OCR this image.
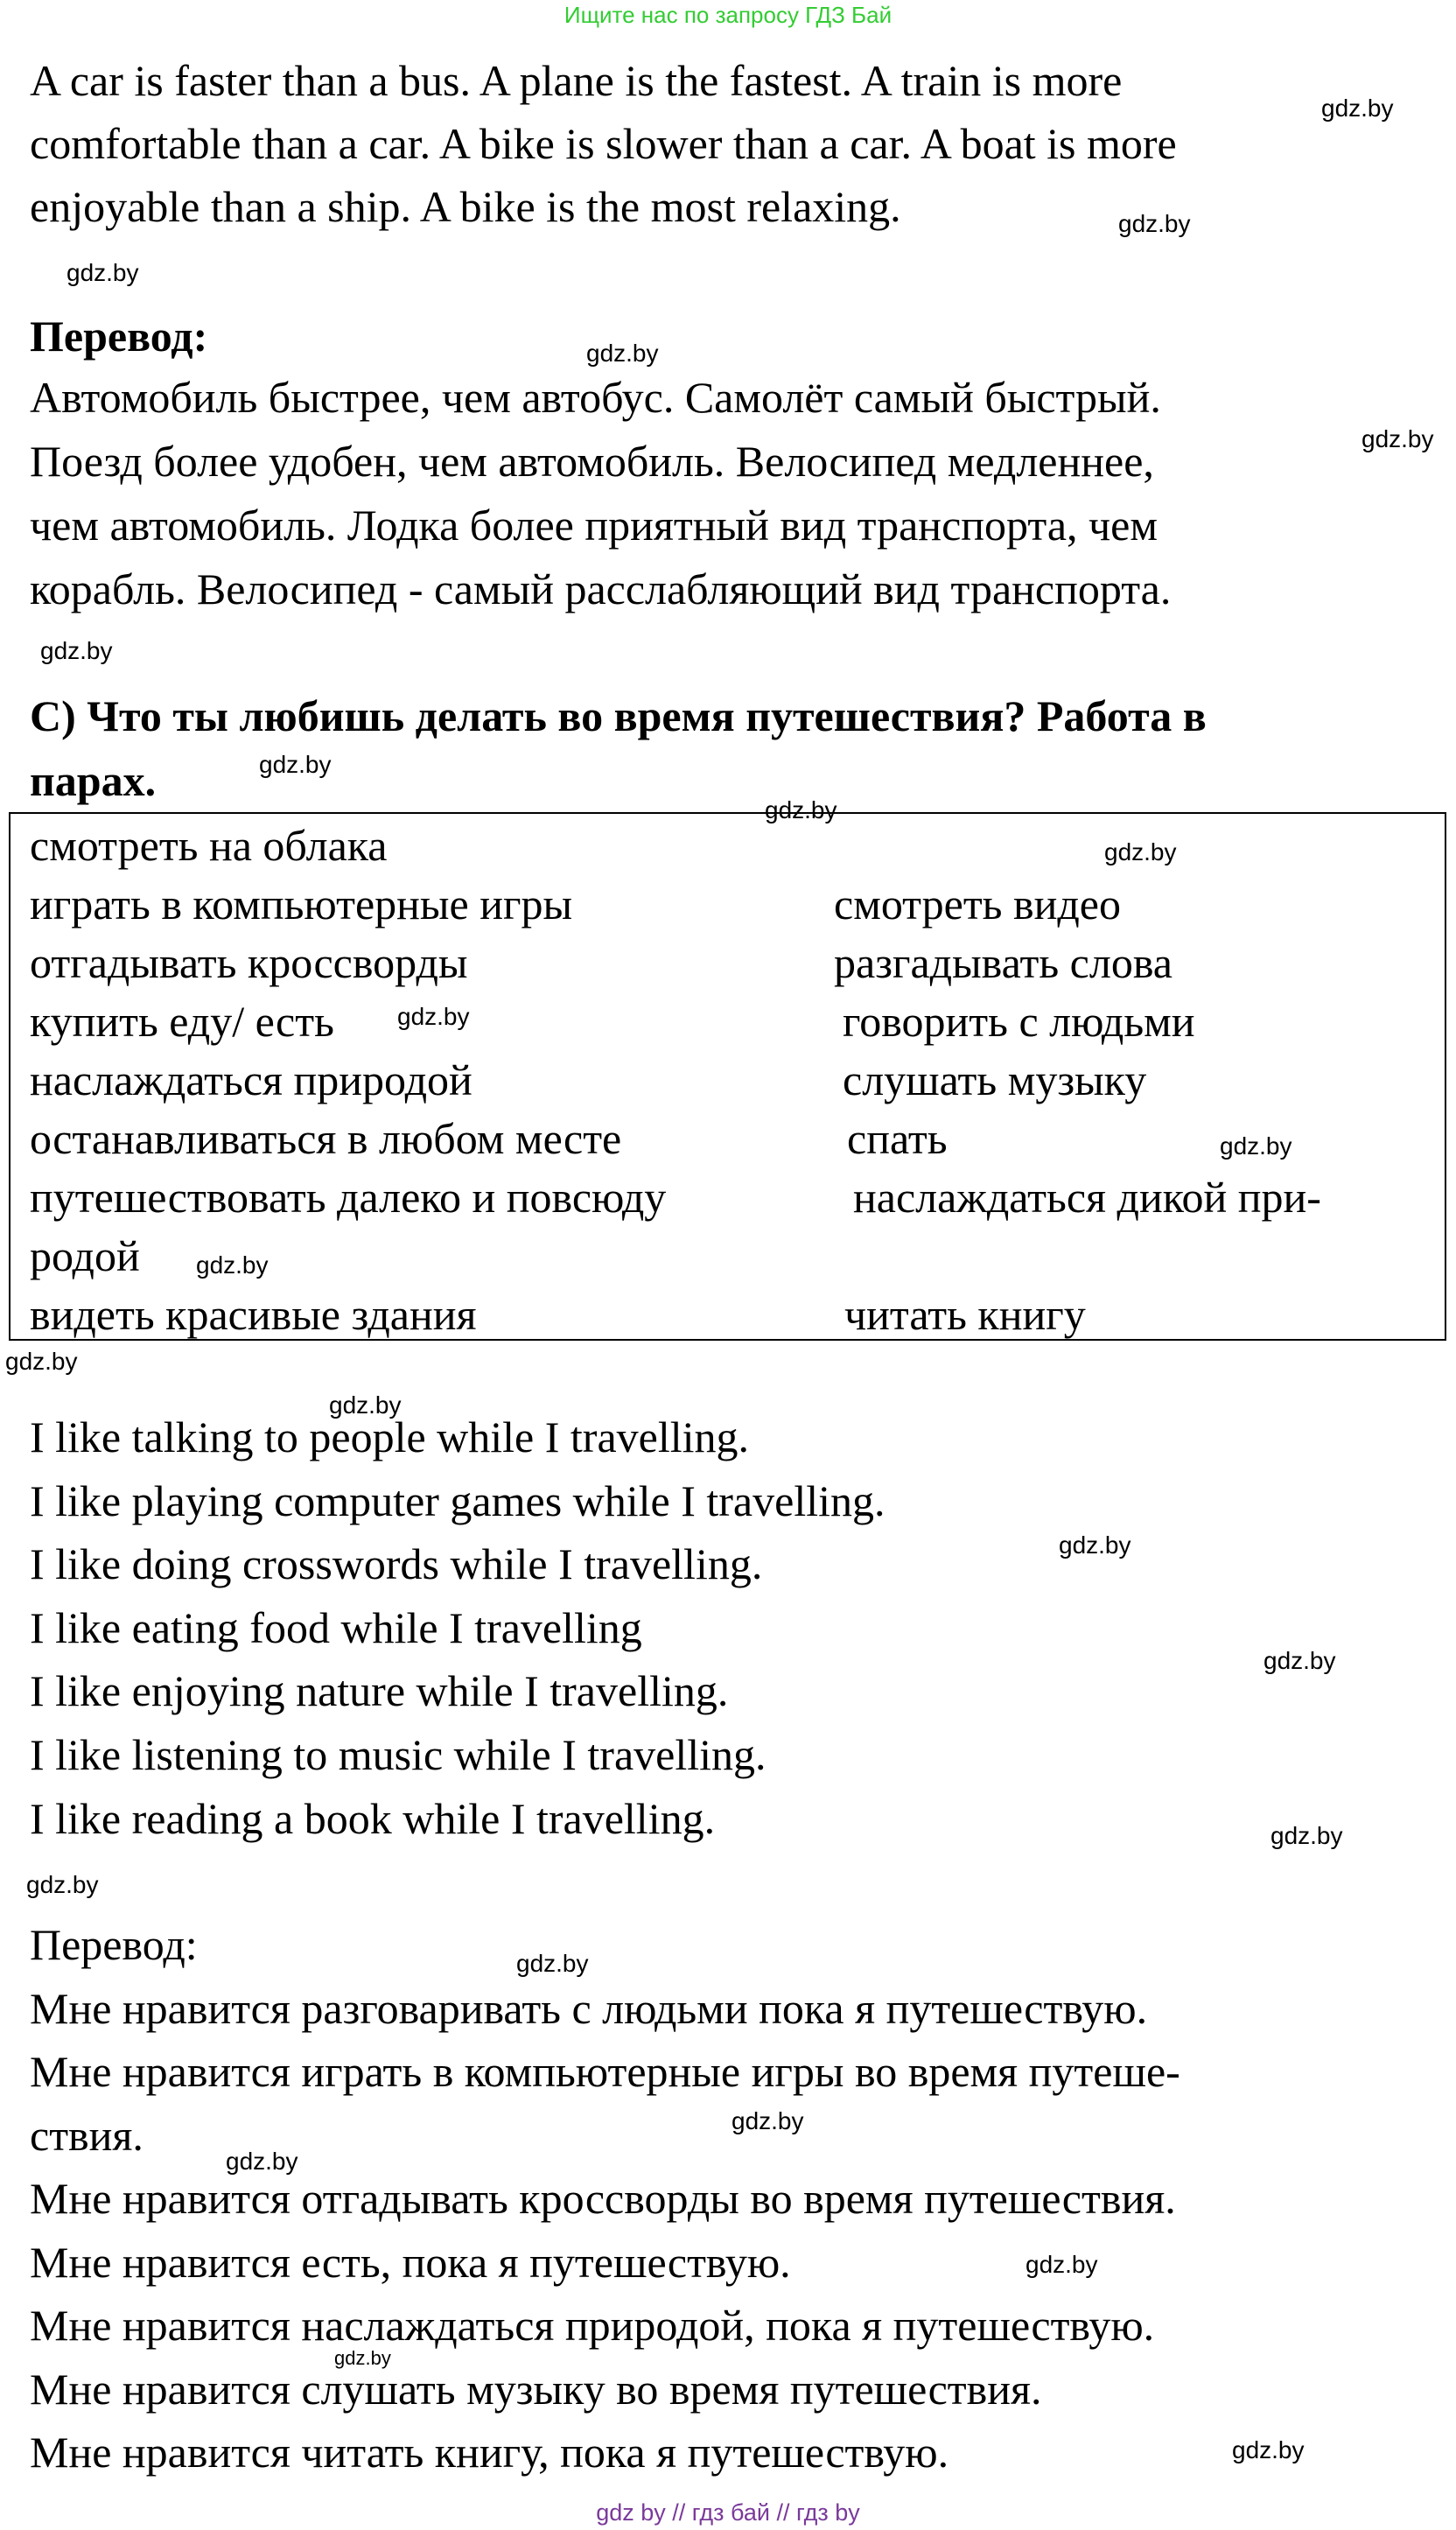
Ищите нас по запросу ГДЗ Бай
A car is faster than a bus. A plane is the fastest. A train is more
comfortable than a car. A bike is slower than a car. A boat is more
enjoyable than a ship. A bike is the most relaxing.
Перевод:
Автомобиль быстрее, чем автобус. Самолёт самый быстрый.
Поезд более удобен, чем автомобиль. Велосипед медленнее,
чем автомобиль. Лодка более приятный вид транспорта, чем
корабль. Велосипед - самый расслабляющий вид транспорта.
C) Что ты любишь делать во время путешествия? Работа в
парах.
смотреть на облака
играть в компьютерные игры
отгадывать кроссворды
купить еду/ есть
наслаждаться природой
останавливаться в любом месте
путешествовать далеко и повсюду
родой
видеть красивые здания
смотреть видео
разгадывать слова
говорить с людьми
слушать музыку
спать
наслаждаться дикой при-
читать книгу
I like talking to people while I travelling.
I like playing computer games while I travelling.
I like doing crosswords while I travelling.
I like eating food while I travelling
I like enjoying nature while I travelling.
I like listening to music while I travelling.
I like reading a book while I travelling.
Перевод:
Мне нравится разговаривать с людьми пока я путешествую.
Мне нравится играть в компьютерные игры во время путеше-
ствия.
Мне нравится отгадывать кроссворды во время путешествия.
Мне нравится есть, пока я путешествую.
Мне нравится наслаждаться природой, пока я путешествую.
Мне нравится слушать музыку во время путешествия.
Мне нравится читать книгу, пока я путешествую.
gdz.by
gdz.by
gdz.by
gdz.by
gdz.by
gdz.by
gdz.by
gdz.by
gdz.by
gdz.by
gdz.by
gdz.by
gdz.by
gdz.by
gdz.by
gdz.by
gdz.by
gdz.by
gdz.by
gdz.by
gdz.by
gdz.by
gdz.by
gdz.by
gdz by // гдз бай // гдз by
